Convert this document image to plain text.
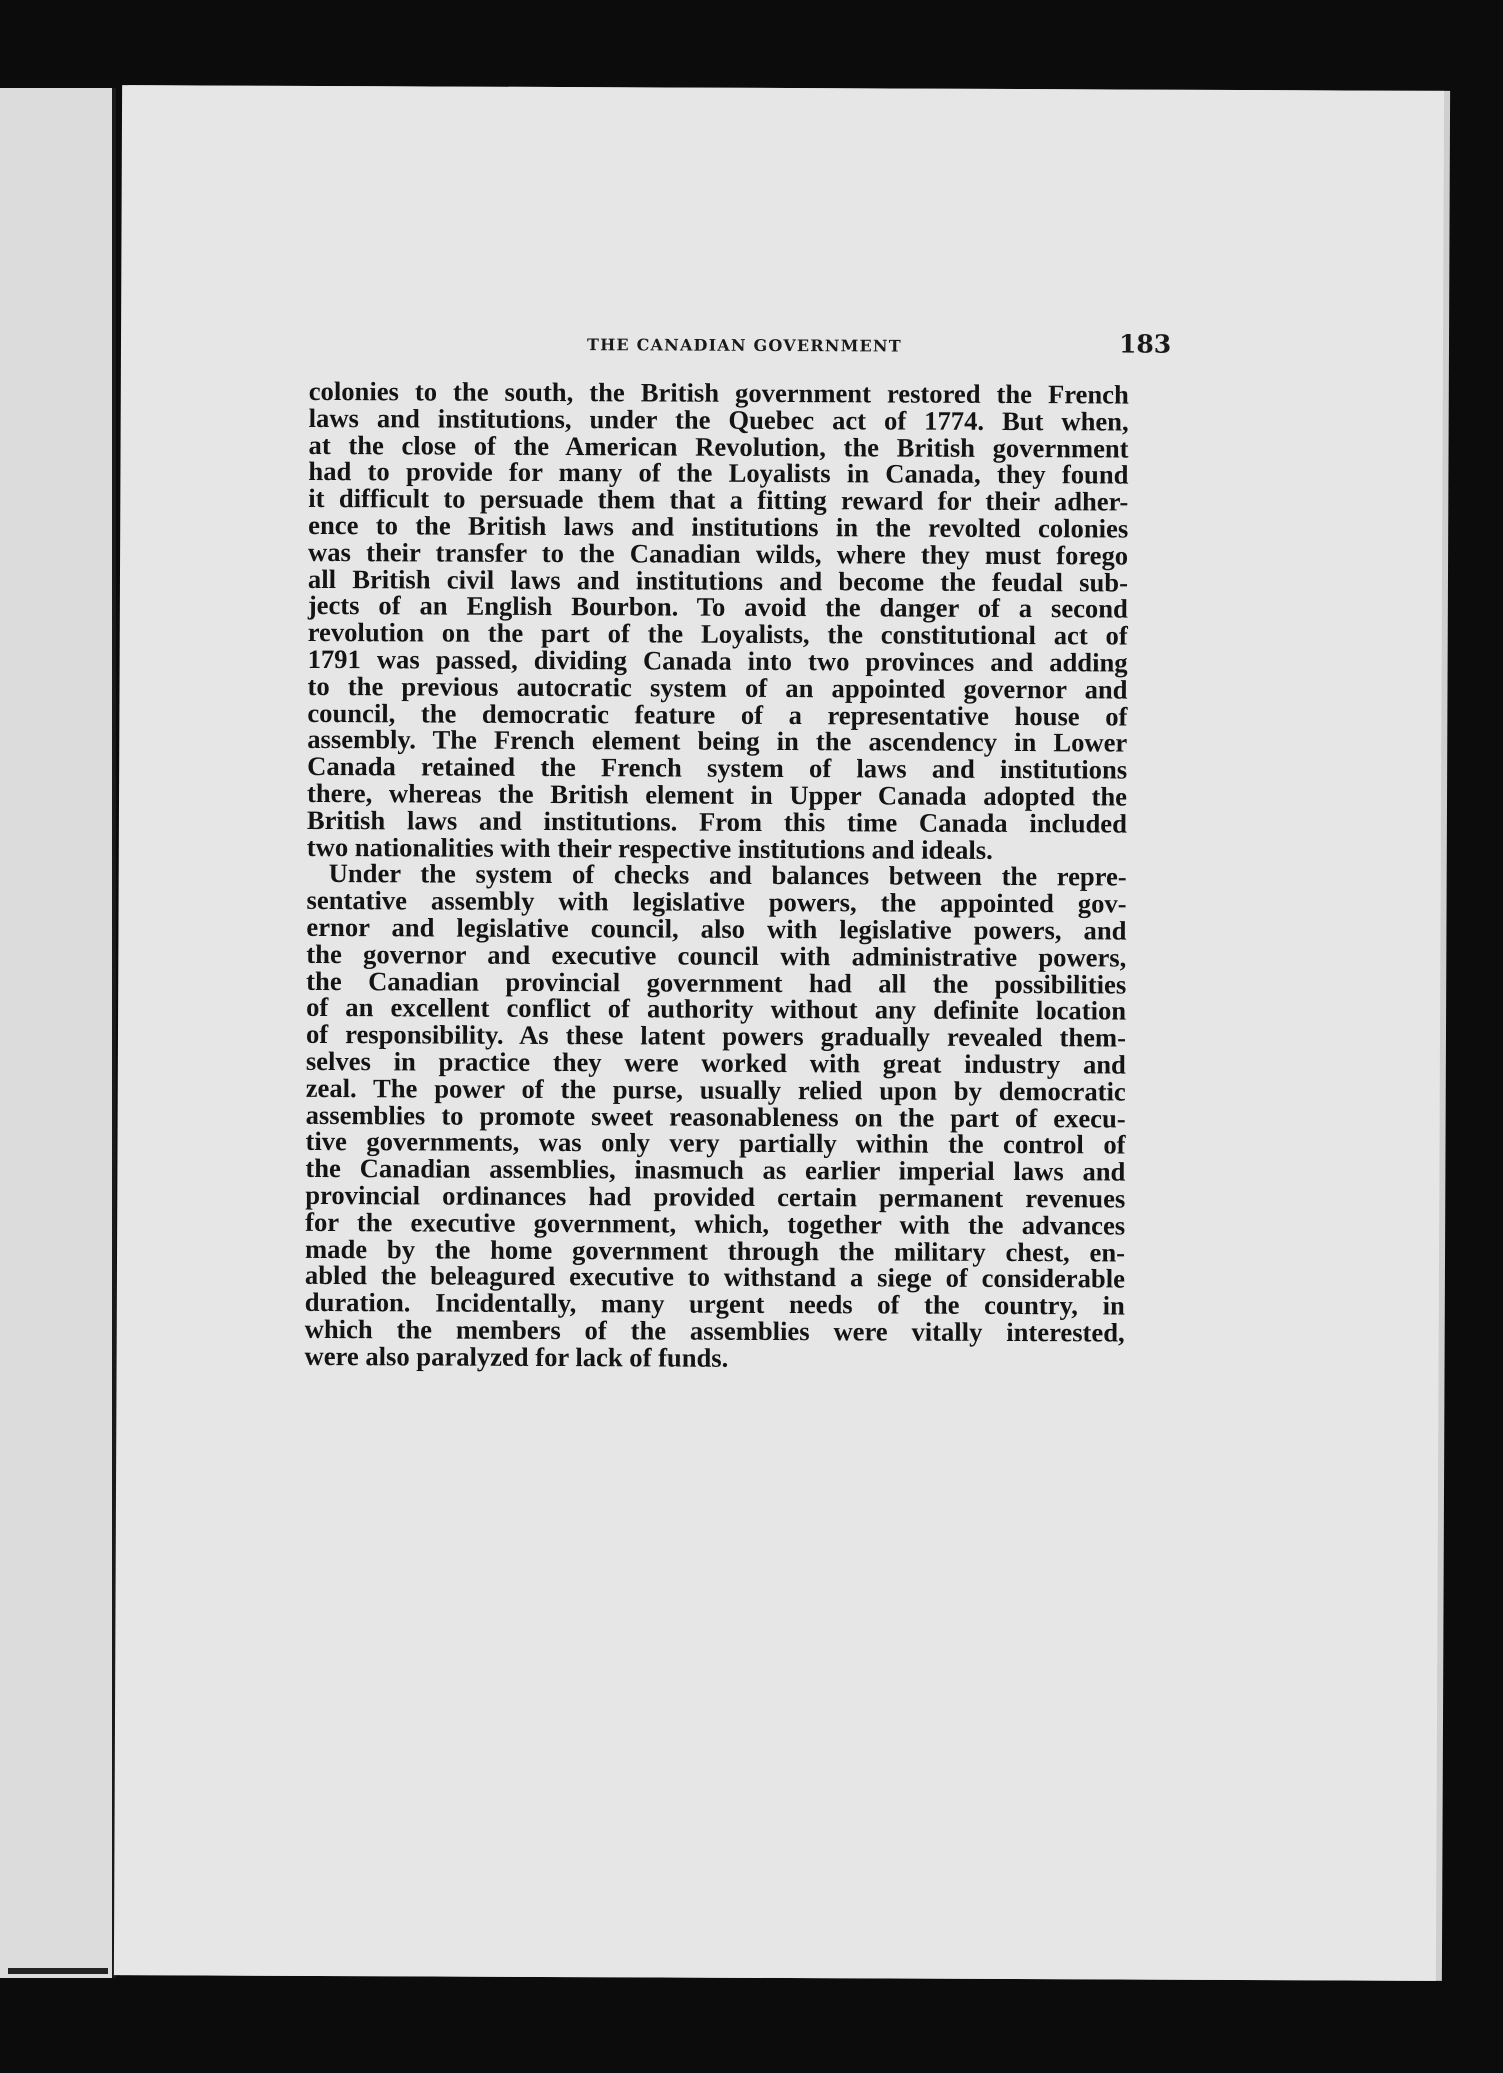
THE CANADIAN GOVERNMENT	183
colonies to the south, the British government restored the French
laws and institutions, under the Quebec act of 1774. But when,
at the close of the American Revolution, the British government
had to provide for many of the Loyalists in Canada, they found
it difficult to persuade them that a fitting reward for their adher-
ence to the British laws and institutions in the revolted colonies
was their transfer to the Canadian wilds, where they must forego
all British civil laws and institutions and become the feudal sub-
jects of an English Bourbon. To avoid the danger of a second
revolution on the part of the Loyalists, the constitutional act of
1791 was passed, dividing Canada into two provinces and adding
to the previous autocratic system of an appointed governor and
council, the democratic feature of a representative house of
assembly. The French element being in the ascendency in Lower
Canada retained the French system of laws and institutions
there, whereas the British element in Upper Canada adopted the
British laws and institutions. From this time Canada included
two nationalities with their respective institutions and ideals.
Under the system of checks and balances between the repre-
sentative assembly with legislative powers, the appointed gov-
ernor and legislative council, also with legislative powers, and
the governor and executive council with administrative powers,
the Canadian provincial government had all the possibilities
of an excellent conflict of authority without any definite location
of responsibility. As these latent powers gradually revealed them-
selves in practice they were worked with great industry and
zeal. The power of the purse, usually relied upon by democratic
assemblies to promote sweet reasonableness on the part of execu-
tive governments, was only very partially within the control of
the Canadian assemblies, inasmuch as earlier imperial laws and
provincial ordinances had provided certain permanent revenues
for the executive government, which, together with the advances
made by the home government through the military chest, en-
abled the beleagured executive to withstand a siege of considerable
duration. Incidentally, many urgent needs of the country, in
which the members of the assemblies were vitally interested,
were also paralyzed for lack of funds.
